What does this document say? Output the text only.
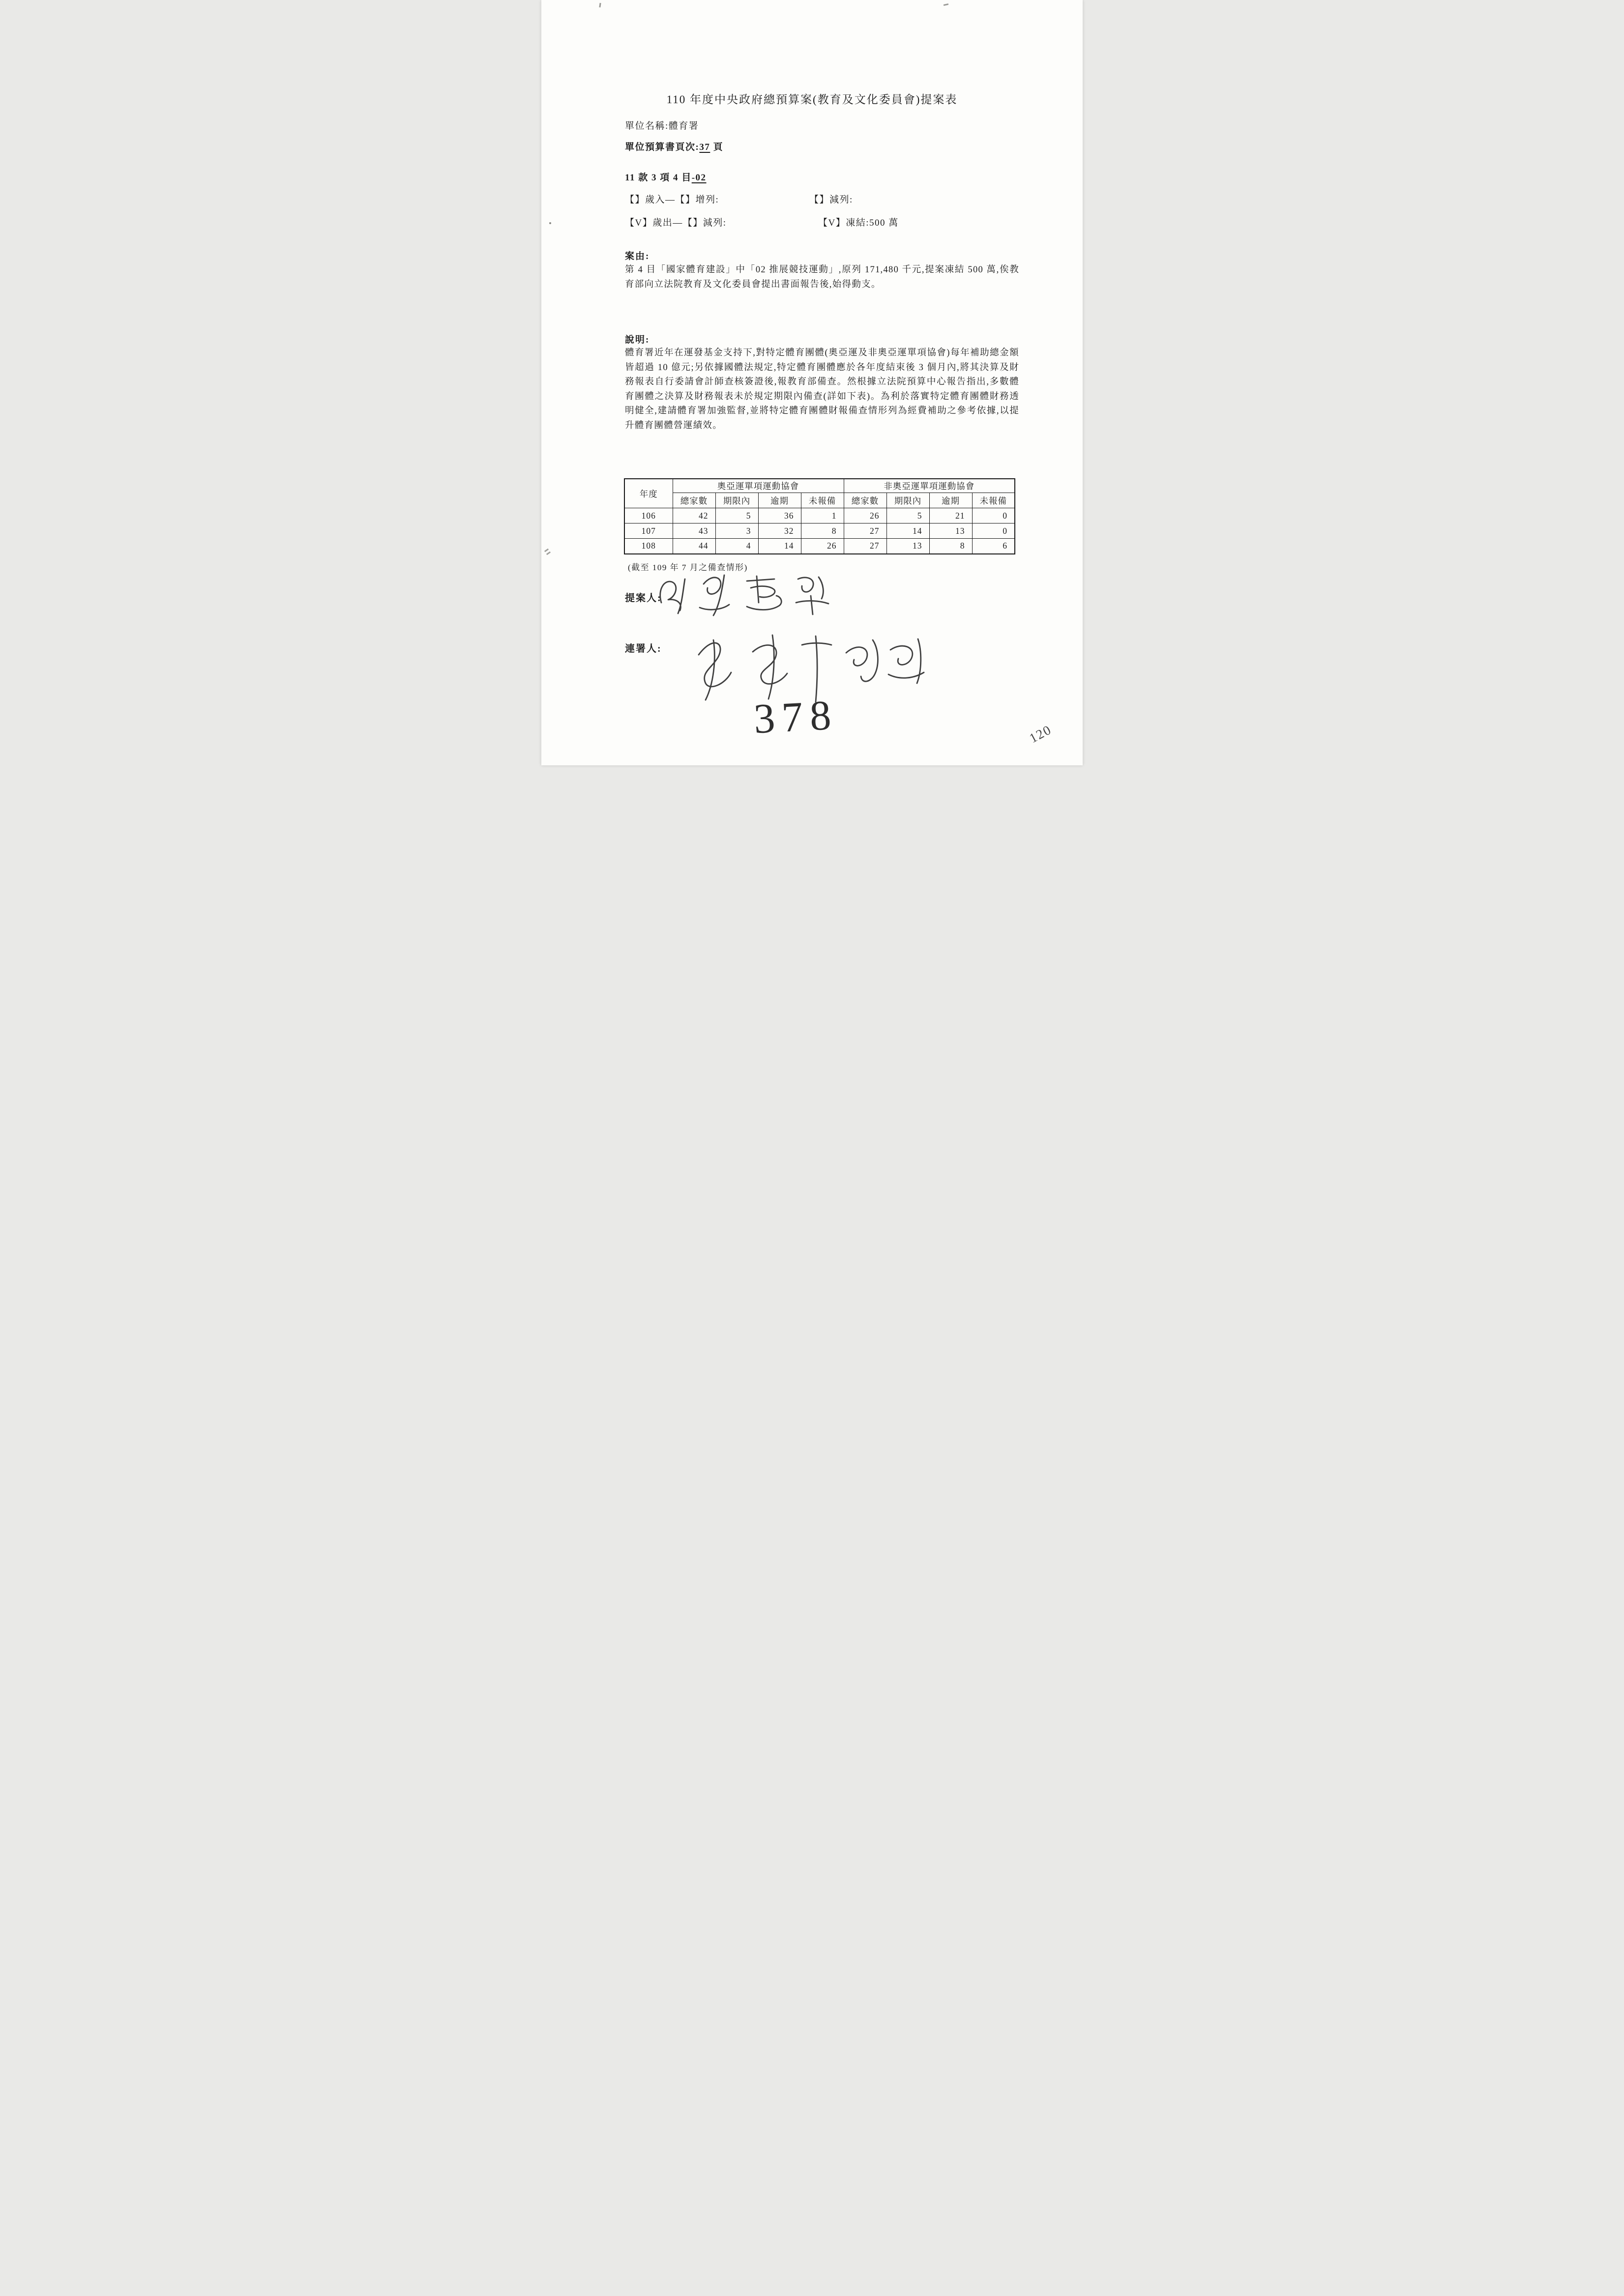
110 年度中央政府總預算案(教育及文化委員會)提案表
單位名稱:體育署
單位預算書頁次:37 頁
11 款 3 項 4 目-02
【】歲入—【】增列:	【】減列:
【V】歲出—【】減列:	【V】凍結:500 萬
案由:
第 4 目「國家體育建設」中「02 推展競技運動」,原列 171,480 千元,提案凍結 500 萬,俟教育部向立法院教育及文化委員會提出書面報告後,始得動支。
說明:
體育署近年在運發基金支持下,對特定體育團體(奧亞運及非奧亞運單項協會)每年補助總金額皆超過 10 億元;另依據國體法規定,特定體育團體應於各年度結束後 3 個月內,將其決算及財務報表自行委請會計師查核簽證後,報教育部備查。然根據立法院預算中心報告指出,多數體育團體之決算及財務報表未於規定期限內備查(詳如下表)。為利於落實特定體育團體財務透明健全,建請體育署加強監督,並將特定體育團體財報備查情形列為經費補助之參考依據,以提升體育團體營運績效。
年度	奧亞運單項運動協會				非奧亞運單項運動協會			
	總家數	期限內	逾期	未報備	總家數	期限內	逾期	未報備
106	42	5	36	1	26	5	21	0
107	43	3	32	8	27	14	13	0
108	44	4	14	26	27	13	8	6
(截至 109 年 7 月之備查情形)
提案人:
連署人:
378	120
